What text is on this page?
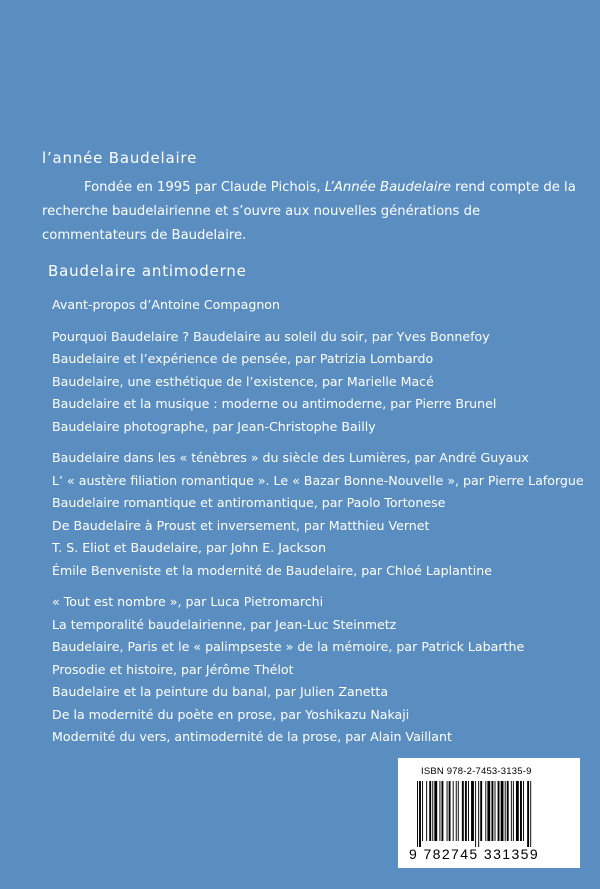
l’année Baudelaire
Fondée en 1995 par Claude Pichois, L’Année Baudelaire rend compte de la recherche baudelairienne et s’ouvre aux nouvelles générations de commentateurs de Baudelaire.
Baudelaire antimoderne
Avant-propos d’Antoine Compagnon
Pourquoi Baudelaire ? Baudelaire au soleil du soir, par Yves Bonnefoy
Baudelaire et l’expérience de pensée, par Patrizia Lombardo
Baudelaire, une esthétique de l’existence, par Marielle Macé
Baudelaire et la musique : moderne ou antimoderne, par Pierre Brunel
Baudelaire photographe, par Jean-Christophe Bailly
Baudelaire dans les « ténèbres » du siècle des Lumières, par André Guyaux
L’ « austère filiation romantique ». Le « Bazar Bonne-Nouvelle », par Pierre Laforgue
Baudelaire romantique et antiromantique, par Paolo Tortonese
De Baudelaire à Proust et inversement, par Matthieu Vernet
T. S. Eliot et Baudelaire, par John E. Jackson
Émile Benveniste et la modernité de Baudelaire, par Chloé Laplantine
« Tout est nombre », par Luca Pietromarchi
La temporalité baudelairienne, par Jean-Luc Steinmetz
Baudelaire, Paris et le « palimpseste » de la mémoire, par Patrick Labarthe
Prosodie et histoire, par Jérôme Thélot
Baudelaire et la peinture du banal, par Julien Zanetta
De la modernité du poète en prose, par Yoshikazu Nakaji
Modernité du vers, antimodernité de la prose, par Alain Vaillant
ISBN 978-2-7453-3135-9
9 782745 331359
